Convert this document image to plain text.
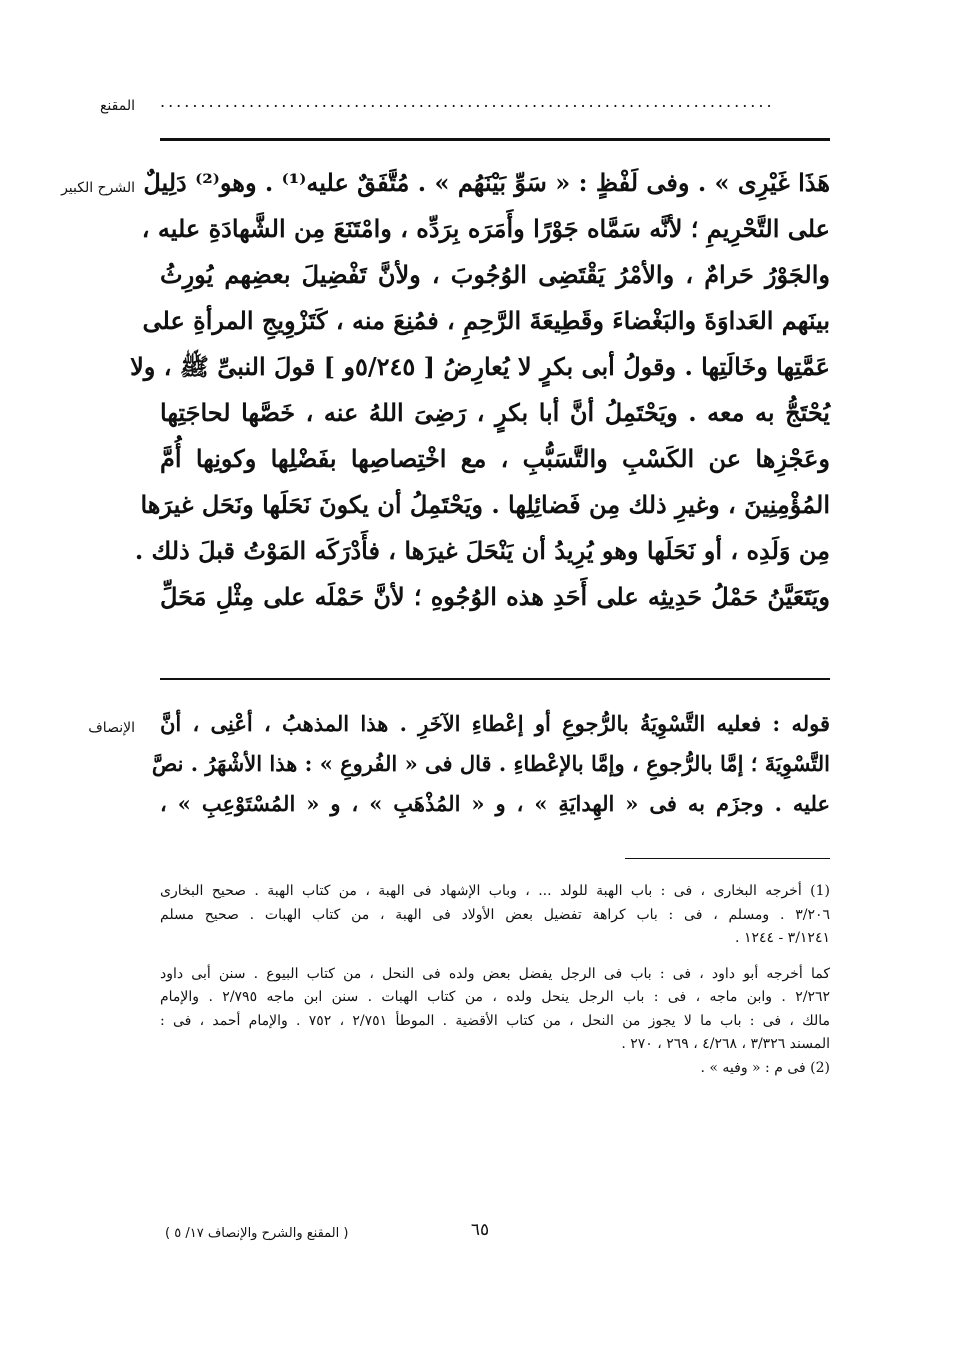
المقنع ............................................................................
الشرح الكبير هَذَا غَيْرِى » . وفى لَفْظٍ : « سَوِّ بَيْنَهُم » . مُتَّفَقٌ عليه⁽¹⁾ . وهو⁽²⁾ دَلِيلٌ

على التَّحْرِيمِ ؛ لأنَّه سَمَّاه جَوْرًا وأَمَرَه بِرَدِّه ، وامْتَنَعَ مِن الشَّهادَةِ عليه ،

والجَوْرُ حَرامٌ ، والأمْرُ يَقْتَضِى الوُجُوبَ ، ولأنَّ تَفْضِيلَ بعضِهم يُورِثُ

بينَهم العَداوَةَ والبَغْضاءَ وقَطِيعَةَ الرَّحِمِ ، فمُنِعَ منه ، كَتَزْوِيجِ المرأةِ على

عَمَّتِها وخَالَتِها . وقولُ أبى بكرٍ لا يُعارِضُ [ ٥/٢٤٥و ] قولَ النبىِّ ﷺ ، ولا

يُحْتَجُّ به معه . ويَحْتَمِلُ أنَّ أبا بكرٍ ، رَضِىَ اللهُ عنه ، خَصَّها لحاجَتِها

وعَجْزِها عن الكَسْبِ والتَّسَبُّبِ ، مع اخْتِصاصِها بفَضْلِها وكونِها أُمَّ

المُؤْمِنِينَ ، وغيرِ ذلك مِن فَضائِلِها . ويَحْتَمِلُ أن يكونَ نَحَلَها ونَحَل غيرَها

مِن وَلَدِه ، أو نَحَلَها وهو يُرِيدُ أن يَنْحَلَ غيرَها ، فأَدْرَكَه المَوْتُ قبلَ ذلك .

ويَتَعَيَّنُ حَمْلُ حَدِيثِه على أَحَدِ هذه الوُجُوهِ ؛ لأنَّ حَمْلَه على مِثْلِ مَحَلِّ

الإنصاف قوله : فعليه التَّسْوِيَةُ بالرُّجوعِ أو إعْطاءِ الآخَرِ . هذا المذهبُ ، أعْنِى ، أنَّ

التَّسْوِيَةَ ؛ إمَّا بالرُّجوعِ ، وإمَّا بالإعْطاءِ . قال فى « الفُروعِ » : هذا الأشْهَرُ . نصَّ

عليه . وجزَم به فى « الهِدايَةِ » ، و « المُذْهَبِ » ، و « المُسْتَوْعِبِ » ،

(1) أخرجه البخارى ، فى : باب الهبة للولد ... ، وباب الإشهاد فى الهبة ، من كتاب الهبة . صحيح البخارى

٣/٢٠٦ . ومسلم ، فى : باب كراهة تفضيل بعض الأولاد فى الهبة ، من كتاب الهبات . صحيح مسلم

٣/١٢٤١ - ١٢٤٤ .

كما أخرجه أبو داود ، فى : باب فى الرجل يفضل بعض ولده فى النحل ، من كتاب البيوع . سنن أبى داود

٢/٢٦٢ . وابن ماجه ، فى : باب الرجل ينحل ولده ، من كتاب الهبات . سنن ابن ماجه ٢/٧٩٥ . والإمام

مالك ، فى : باب ما لا يجوز من النحل ، من كتاب الأقضية . الموطأ ٢/٧٥١ ، ٧٥٢ . والإمام أحمد ، فى :

المسند ٣/٣٢٦ ، ٤/٢٦٨ ، ٢٦٩ ، ٢٧٠ .

(2) فى م : « وفيه » .

( المقنع والشرح والإنصاف ١٧/ ٥ )	٦٥
